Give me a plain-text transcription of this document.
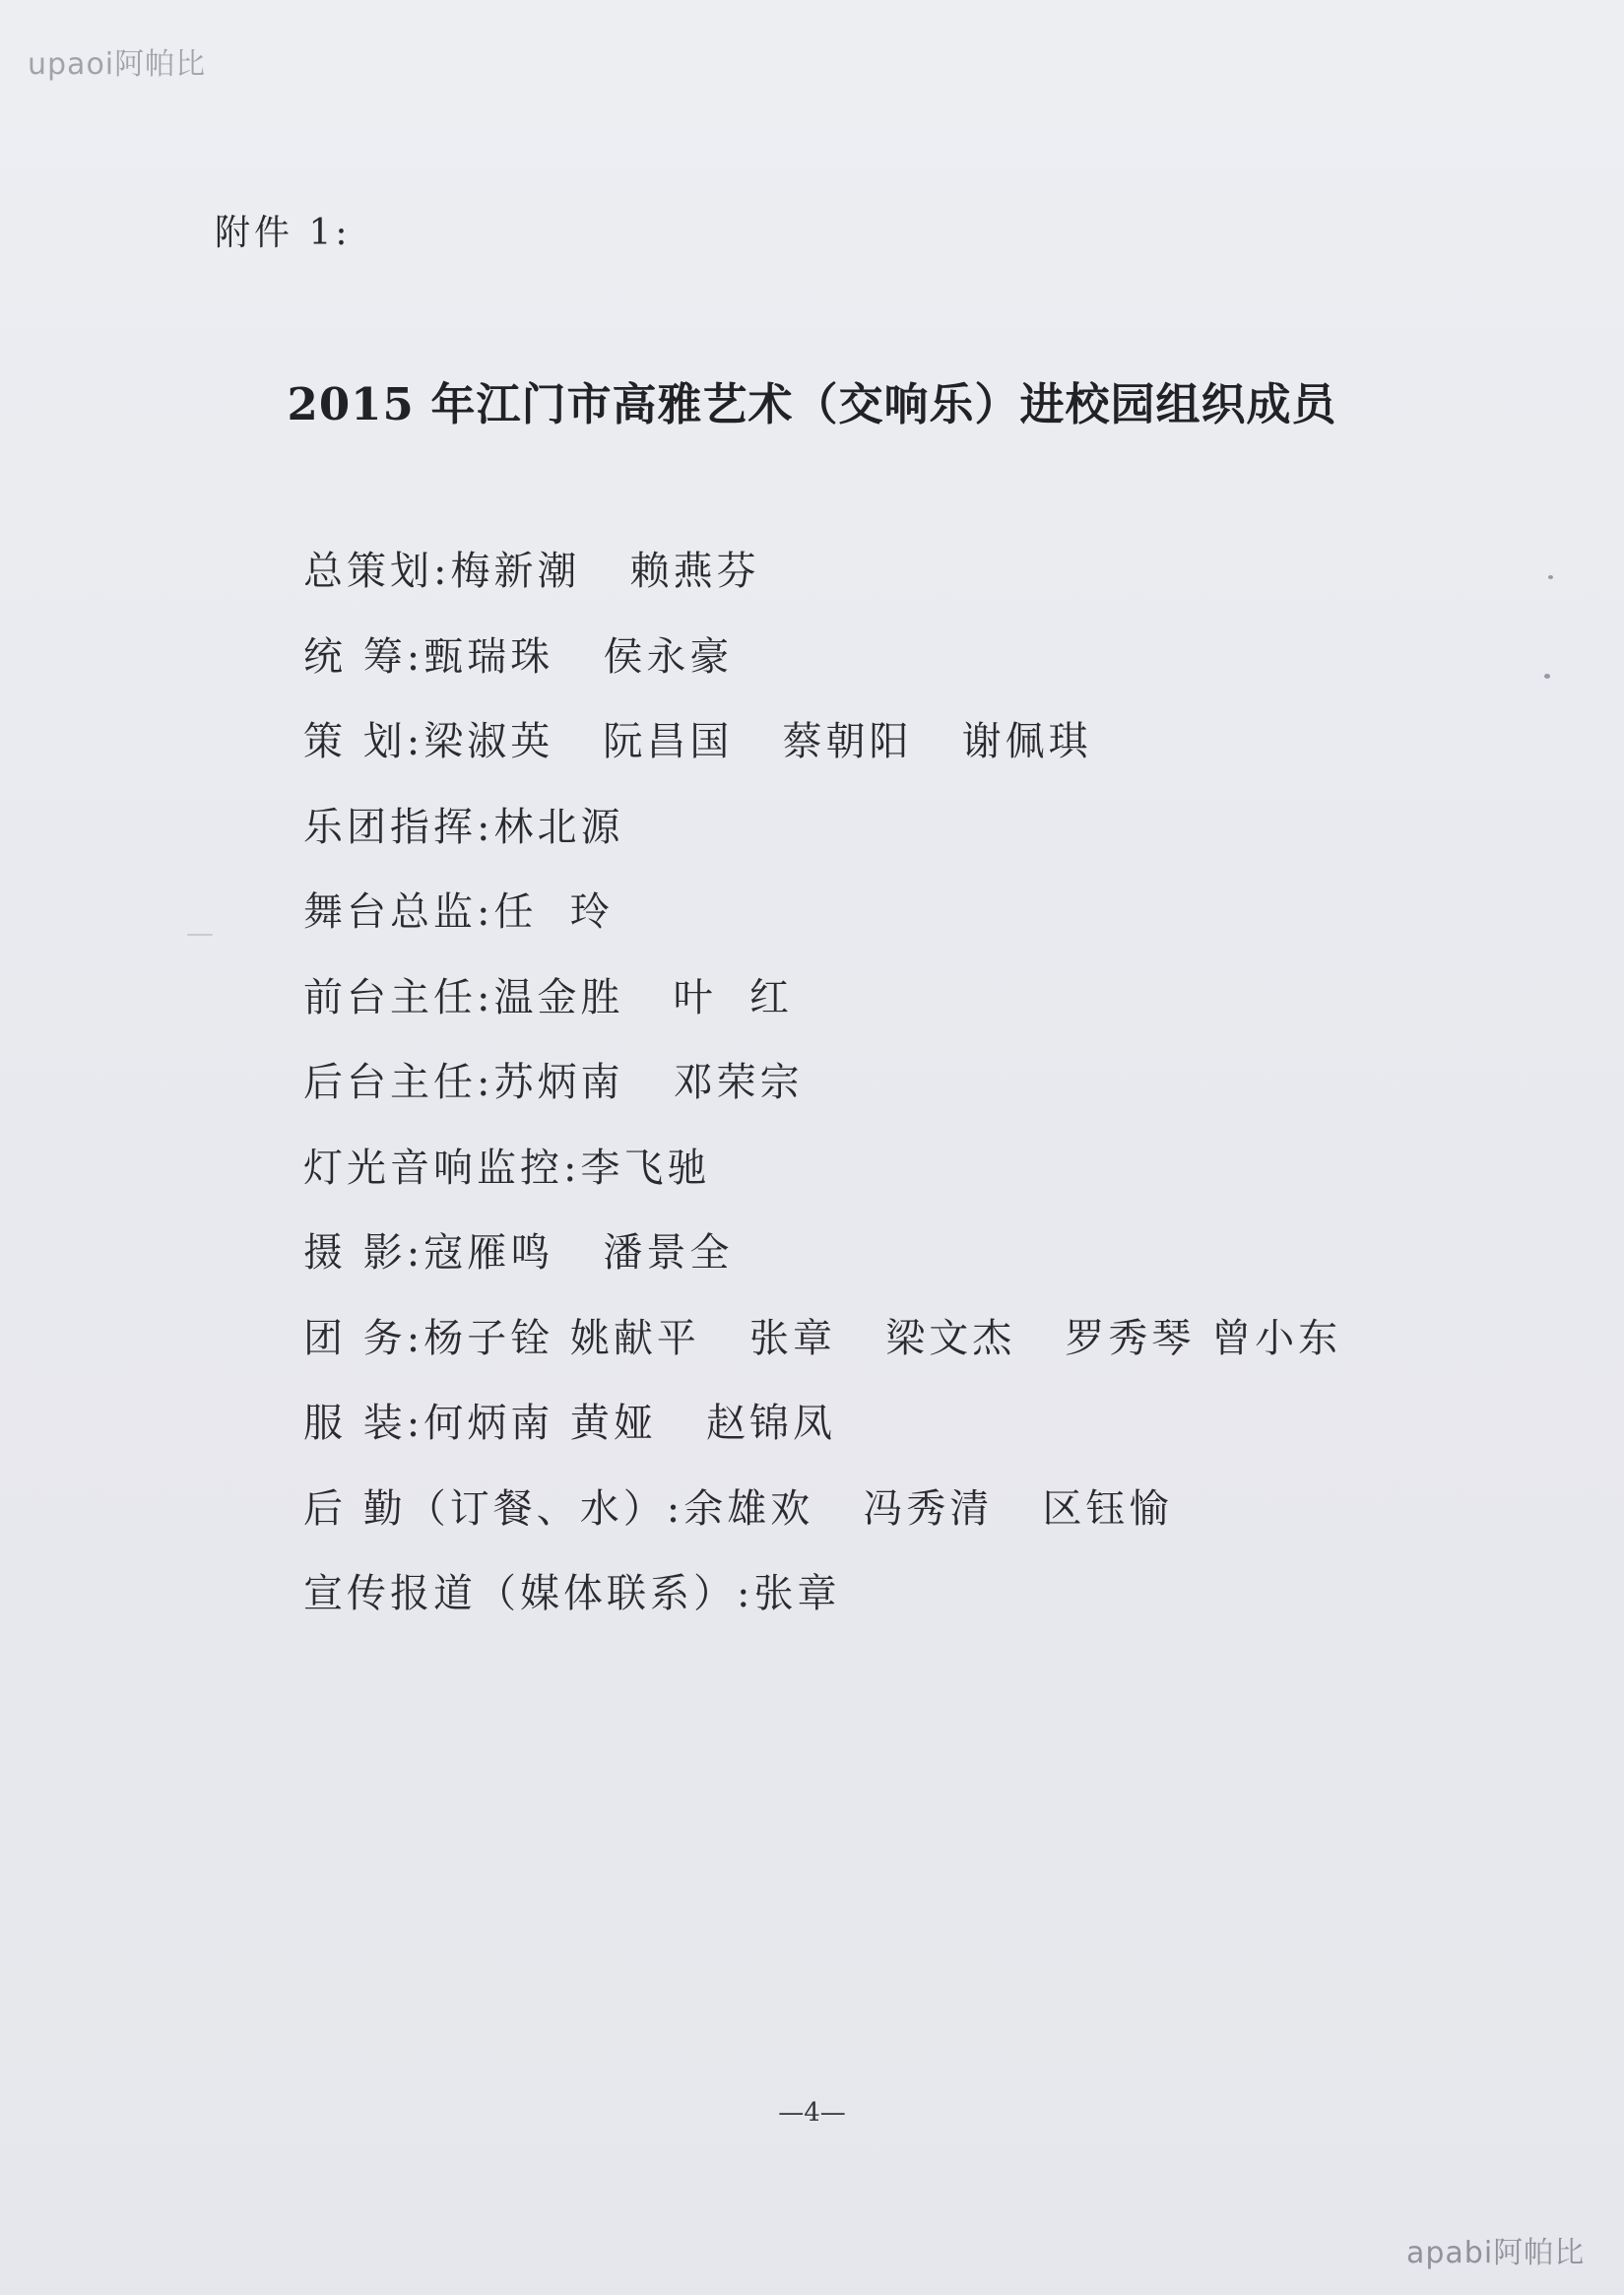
upaoi阿帕比
附件 1:
2015 年江门市高雅艺术（交响乐）进校园组织成员
总策划:梅新潮   赖燕芬
统 筹:甄瑞珠   侯永豪
策 划:梁淑英   阮昌国   蔡朝阳   谢佩琪
乐团指挥:林北源
舞台总监:任  玲
前台主任:温金胜   叶  红
后台主任:苏炳南   邓荣宗
灯光音响监控:李飞驰
摄 影:寇雁鸣   潘景全
团 务:杨子铨 姚献平   张章   梁文杰   罗秀琴 曾小东
服 装:何炳南 黄娅   赵锦凤
后 勤（订餐、水）:余雄欢   冯秀清   区钰愉
宣传报道（媒体联系）:张章
—4—
apabi阿帕比
